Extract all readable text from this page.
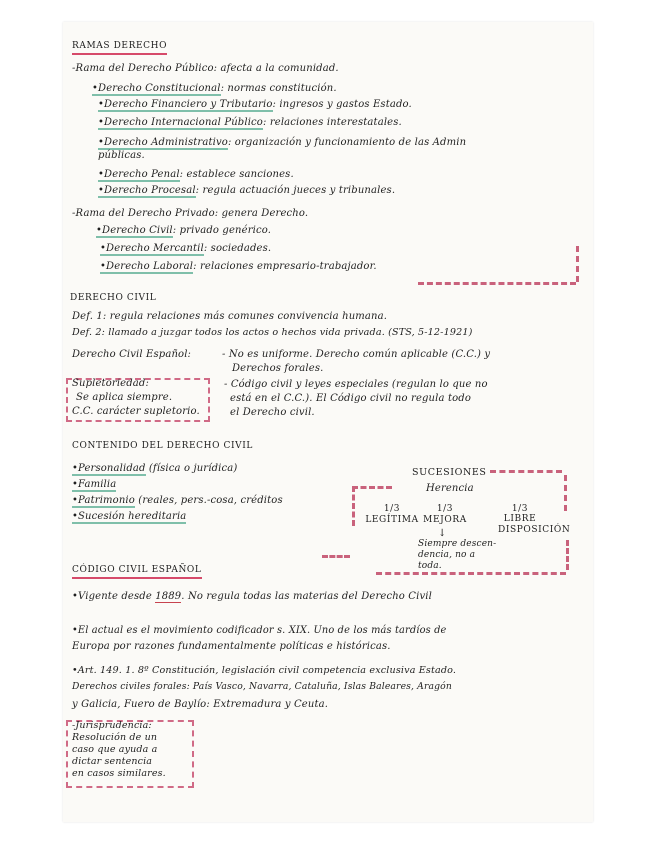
RAMAS DERECHO
-Rama del Derecho Público: afecta a la comunidad.
•Derecho Constitucional: normas constitución.
•Derecho Financiero y Tributario: ingresos y gastos Estado.
•Derecho Internacional Público: relaciones interestatales.
•Derecho Administrativo: organización y funcionamiento de las Admin
públicas.
•Derecho Penal: establece sanciones.
•Derecho Procesal: regula actuación jueces y tribunales.
-Rama del Derecho Privado: genera Derecho.
•Derecho Civil: privado genérico.
•Derecho Mercantil: sociedades.
•Derecho Laboral: relaciones empresario-trabajador.
DERECHO CIVIL
Def. 1: regula relaciones más comunes convivencia humana.
Def. 2: llamado a juzgar todos los actos o hechos vida privada. (STS, 5-12-1921)
Derecho Civil Español:	- No es uniforme. Derecho común aplicable (C.C.) y
Derechos forales.
Supletoriedad:
Se aplica siempre.
C.C. carácter supletorio.
- Código civil y leyes especiales (regulan lo que no
está en el C.C.). El Código civil no regula todo
el Derecho civil.
CONTENIDO DEL DERECHO CIVIL
•Personalidad (física o jurídica)
•Familia
•Patrimonio (reales, pers.-cosa, créditos
•Sucesión hereditaria
SUCESIONES
Herencia
1/3
LEGÍTIMA
1/3
MEJORA
1/3
LIBRE DISPOSICIÓN
↓
Siempre descen-
dencia, no a
toda.
CÓDIGO CIVIL ESPAÑOL
•Vigente desde 1889. No regula todas las materias del Derecho Civil
•El actual es el movimiento codificador s. XIX. Uno de los más tardíos de
Europa por razones fundamentalmente políticas e históricas.
•Art. 149. 1. 8º Constitución, legislación civil competencia exclusiva Estado.
Derechos civiles forales: País Vasco, Navarra, Cataluña, Islas Baleares, Aragón
y Galicia, Fuero de Baylío: Extremadura y Ceuta.
-Jurisprudencia:
Resolución de un
caso que ayuda a
dictar sentencia
en casos similares.
